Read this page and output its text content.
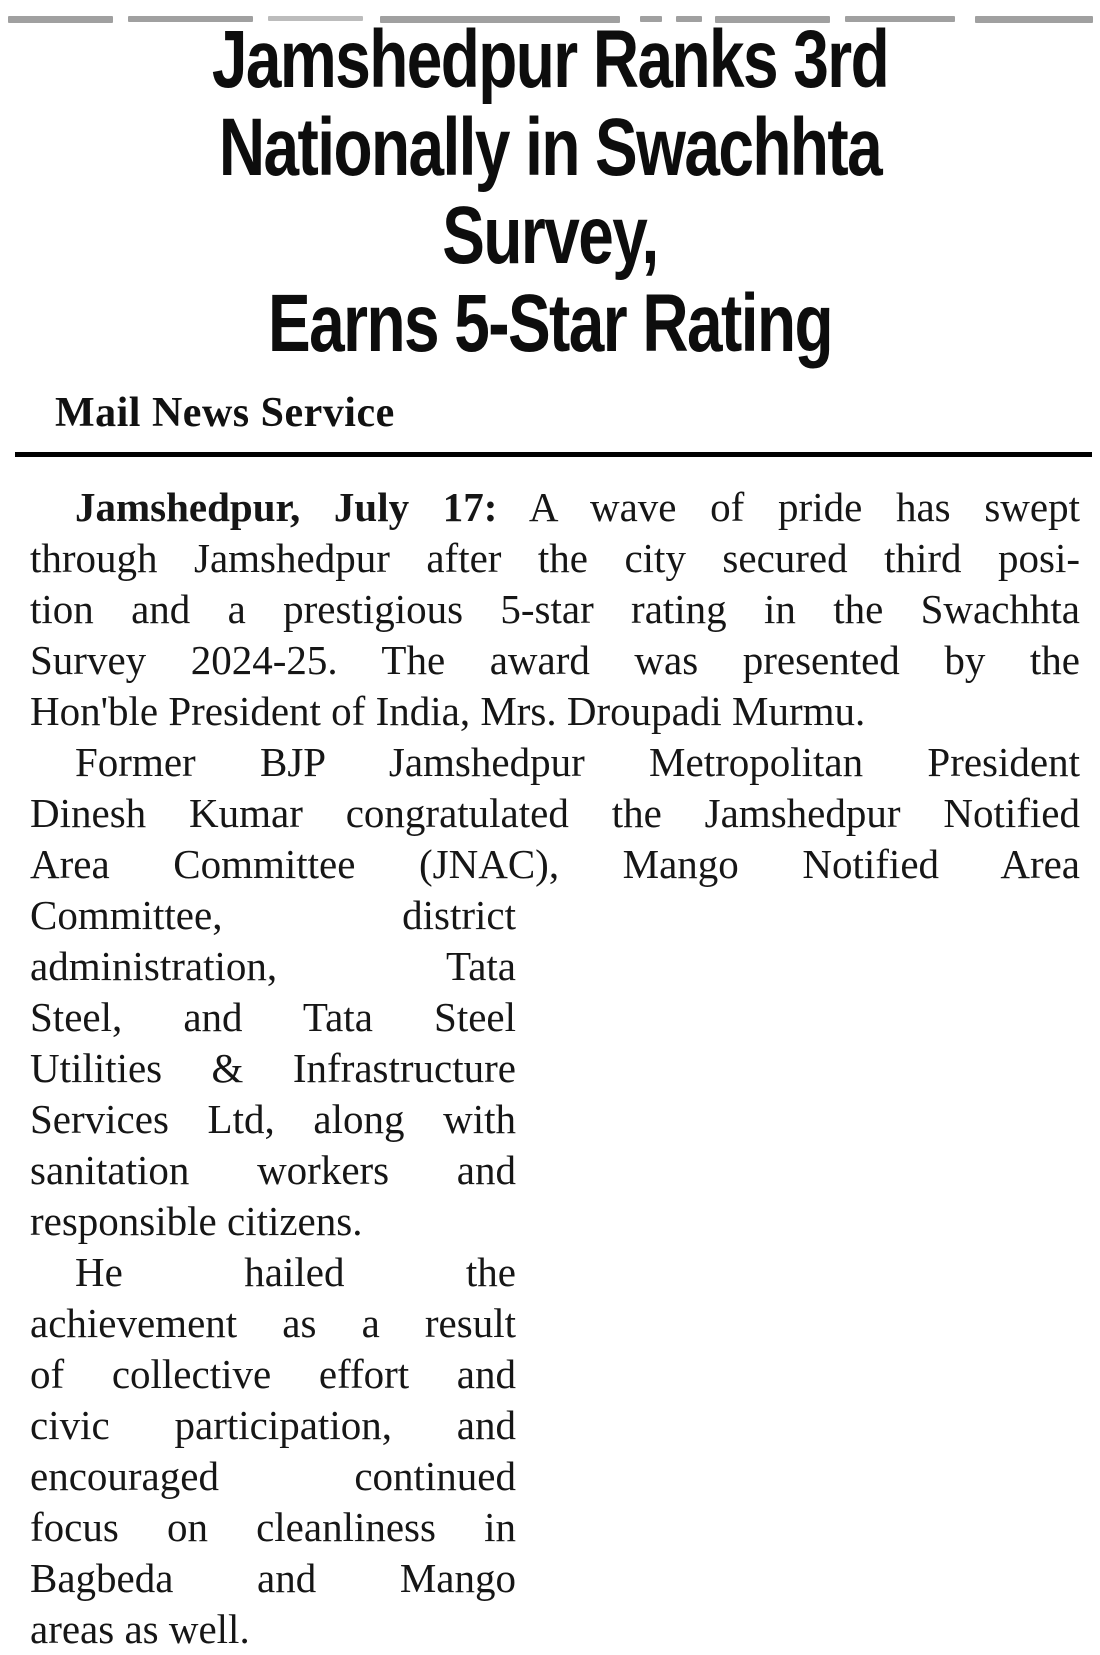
Jamshedpur Ranks 3rd
Nationally in Swachhta Survey,
Earns 5-Star Rating
Mail News Service
Jamshedpur, July 17: A wave of pride has swept
through Jamshedpur after the city secured third posi-
tion and a prestigious 5-star rating in the Swachhta
Survey 2024-25. The award was presented by the
Hon'ble President of India, Mrs. Droupadi Murmu.
Former BJP Jamshedpur Metropolitan President
Dinesh Kumar congratulated the Jamshedpur Notified
Area Committee (JNAC), Mango Notified Area
Committee, district
administration, Tata
Steel, and Tata Steel
Utilities & Infrastructure
Services Ltd, along with
sanitation workers and
responsible citizens.
He hailed the
achievement as a result
of collective effort and
civic participation, and
encouraged continued
focus on cleanliness in
Bagbeda and Mango
areas as well.
